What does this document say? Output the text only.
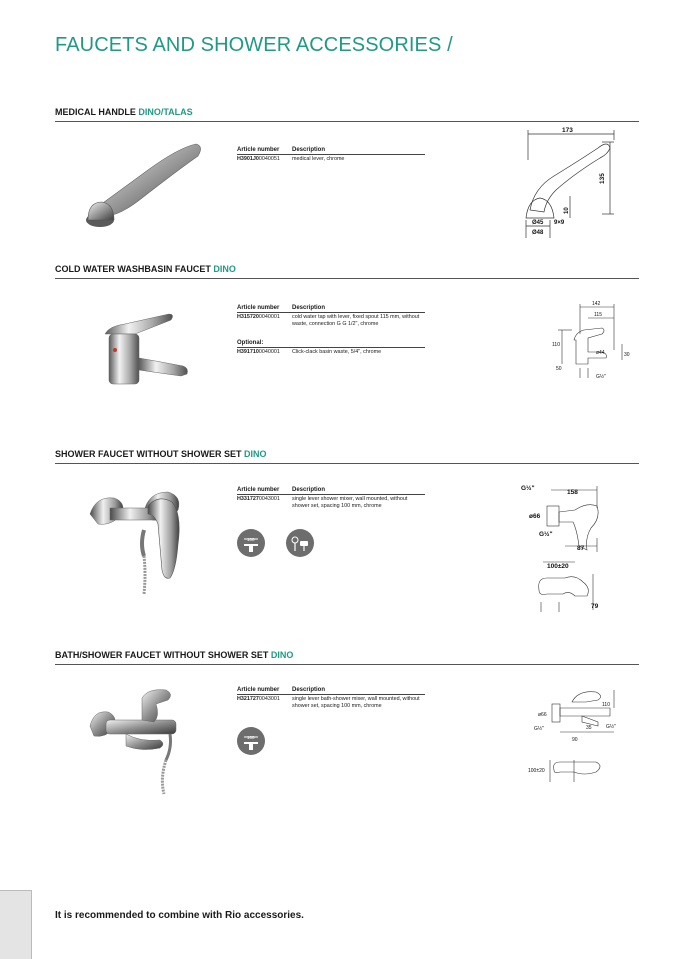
FAUCETS AND SHOWER ACCESSORIES /
MEDICAL HANDLE DINO/TALAS
Article number	Description
H3901J00040051	medical lever, chrome
173
135
10
Ø45 9×9
Ø48
COLD WATER WASHBASIN FAUCET DINO
Article number	Description
H3157200040001	cold water tap with lever, fixed spout 115 mm, without waste, connection G G 1/2", chrome
Optional:
H3917100040001	Click-clack basin waste, 5/4", chrome
142
115
110
ø44	30
50
G½"
SHOWER FAUCET WITHOUT SHOWER SET DINO
Article number	Description
H3317270043001	single lever shower mixer, wall mounted, without shower set, spacing 100 mm, chrome
100
G½"
158
ø66
G½"
87
100±20
79
BATH/SHOWER FAUCET WITHOUT SHOWER SET DINO
Article number	Description
H3217270043001	single lever bath-shower mixer, wall mounted, without shower set, spacing 100 mm, chrome
100
ø66
G½"
110
G½"
35
90
100±20
It is recommended to combine with Rio accessories.
